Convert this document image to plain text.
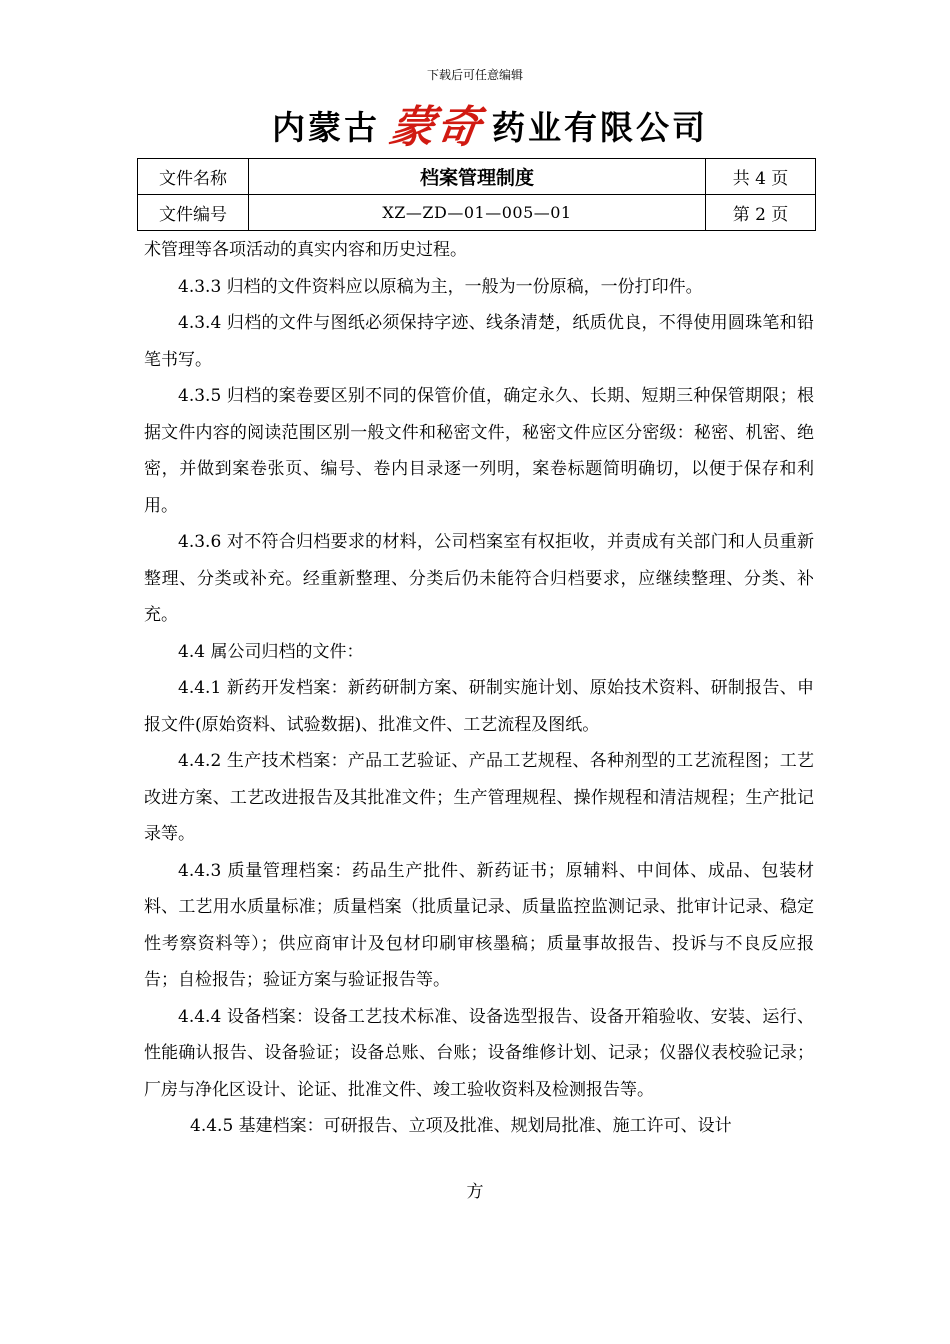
下载后可任意编辑
内蒙古 蒙奇 药业有限公司
文件名称	档案管理制度	共 4 页
文件编号	XZ—ZD—01—005—01	第 2 页

术管理等各项活动的真实内容和历史过程。

4.3.3 归档的文件资料应以原稿为主，一般为一份原稿，一份打印件。

4.3.4 归档的文件与图纸必须保持字迹、线条清楚，纸质优良，不得使用圆珠笔和铅笔书写。

4.3.5 归档的案卷要区别不同的保管价值，确定永久、长期、短期三种保管期限；根据文件内容的阅读范围区别一般文件和秘密文件，秘密文件应区分密级：秘密、机密、绝密，并做到案卷张页、编号、卷内目录逐一列明，案卷标题简明确切，以便于保存和利用。

4.3.6 对不符合归档要求的材料，公司档案室有权拒收，并责成有关部门和人员重新整理、分类或补充。经重新整理、分类后仍未能符合归档要求，应继续整理、分类、补充。

4.4 属公司归档的文件：

4.4.1 新药开发档案：新药研制方案、研制实施计划、原始技术资料、研制报告、申报文件(原始资料、试验数据)、批准文件、工艺流程及图纸。

4.4.2 生产技术档案：产品工艺验证、产品工艺规程、各种剂型的工艺流程图；工艺改进方案、工艺改进报告及其批准文件；生产管理规程、操作规程和清洁规程；生产批记录等。

4.4.3 质量管理档案：药品生产批件、新药证书；原辅料、中间体、成品、包装材料、工艺用水质量标准；质量档案（批质量记录、质量监控监测记录、批审计记录、稳定性考察资料等）；供应商审计及包材印刷审核墨稿；质量事故报告、投诉与不良反应报告；自检报告；验证方案与验证报告等。

4.4.4 设备档案：设备工艺技术标准、设备选型报告、设备开箱验收、安装、运行、性能确认报告、设备验证；设备总账、台账；设备维修计划、记录；仪器仪表校验记录；厂房与净化区设计、论证、批准文件、竣工验收资料及检测报告等。

4.4.5 基建档案：可研报告、立项及批准、规划局批准、施工许可、设计

方
